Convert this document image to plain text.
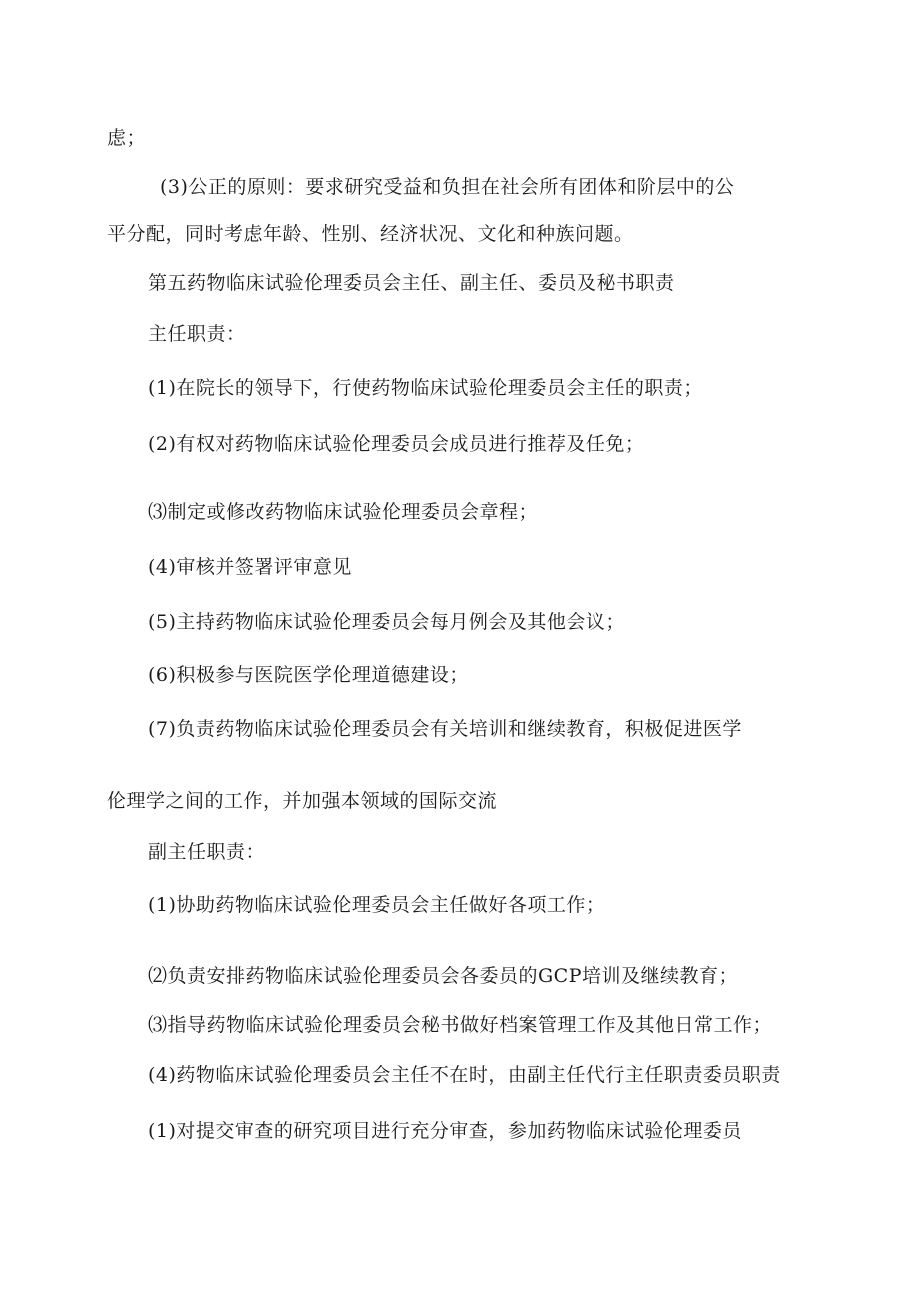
虑；
(3)公正的原则：要求研究受益和负担在社会所有团体和阶层中的公
平分配，同时考虑年龄、性别、经济状况、文化和种族问题。
第五药物临床试验伦理委员会主任、副主任、委员及秘书职责
主任职责：
(1)在院长的领导下，行使药物临床试验伦理委员会主任的职责；
(2)有权对药物临床试验伦理委员会成员进行推荐及任免；
⑶制定或修改药物临床试验伦理委员会章程；
(4)审核并签署评审意见
(5)主持药物临床试验伦理委员会每月例会及其他会议；
(6)积极参与医院医学伦理道德建设；
(7)负责药物临床试验伦理委员会有关培训和继续教育，积极促进医学
伦理学之间的工作，并加强本领域的国际交流
副主任职责：
(1)协助药物临床试验伦理委员会主任做好各项工作；
⑵负责安排药物临床试验伦理委员会各委员的GCP培训及继续教育；
⑶指导药物临床试验伦理委员会秘书做好档案管理工作及其他日常工作；
(4)药物临床试验伦理委员会主任不在时，由副主任代行主任职责委员职责
(1)对提交审查的研究项目进行充分审查，参加药物临床试验伦理委员
